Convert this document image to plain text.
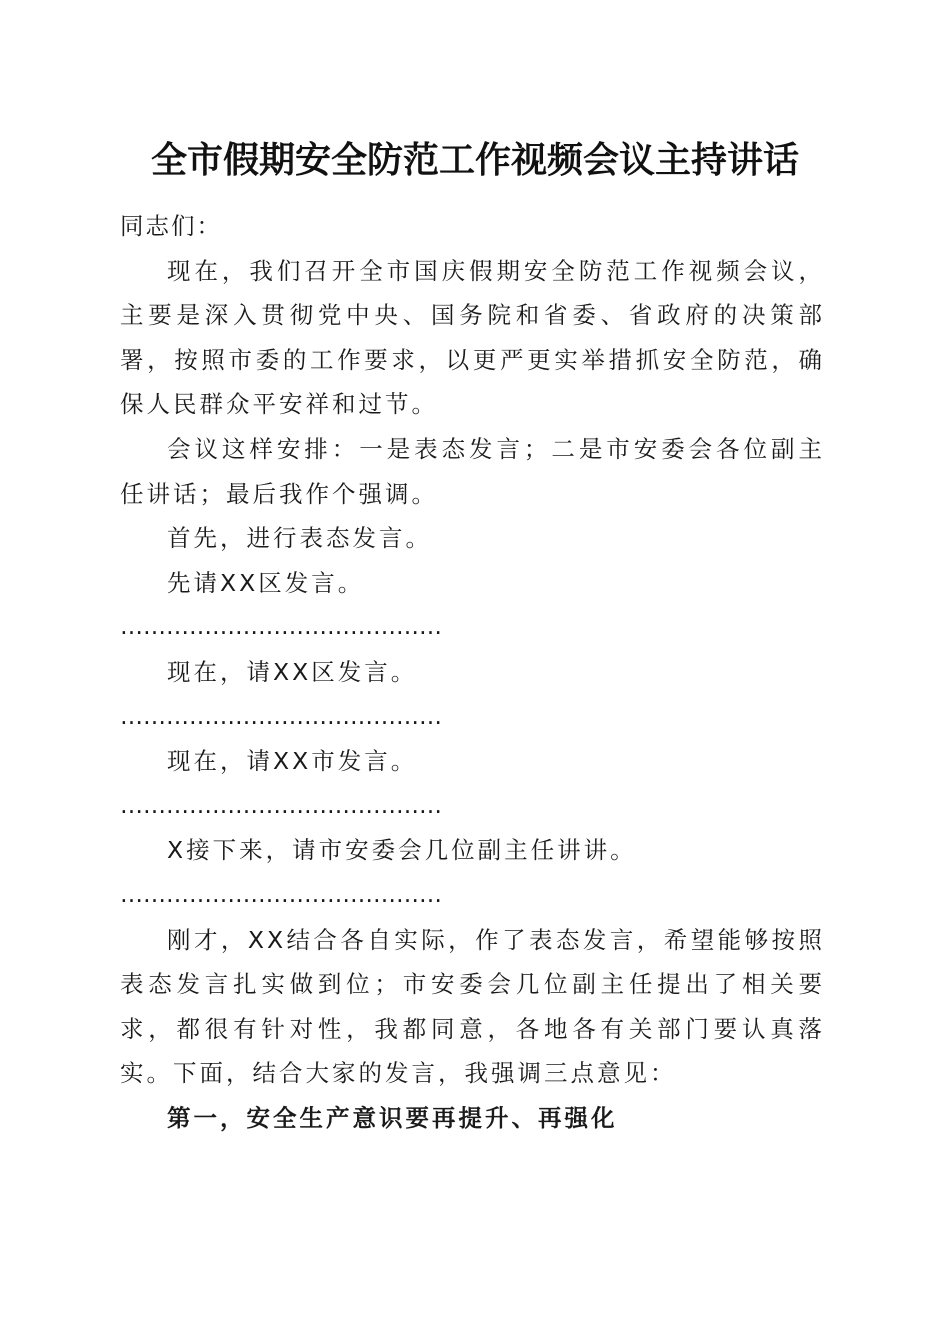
全市假期安全防范工作视频会议主持讲话

同志们：

现在，我们召开全市国庆假期安全防范工作视频会议，主要是深入贯彻党中央、国务院和省委、省政府的决策部署，按照市委的工作要求，以更严更实举措抓安全防范，确保人民群众平安祥和过节。

会议这样安排：一是表态发言；二是市安委会各位副主任讲话；最后我作个强调。

首先，进行表态发言。

先请XX区发言。

……………………………………

现在，请XX区发言。

……………………………………

现在，请XX市发言。

……………………………………

X接下来，请市安委会几位副主任讲讲。

……………………………………

刚才，XX结合各自实际，作了表态发言，希望能够按照表态发言扎实做到位；市安委会几位副主任提出了相关要求，都很有针对性，我都同意，各地各有关部门要认真落实。下面，结合大家的发言，我强调三点意见：

第一，安全生产意识要再提升、再强化
